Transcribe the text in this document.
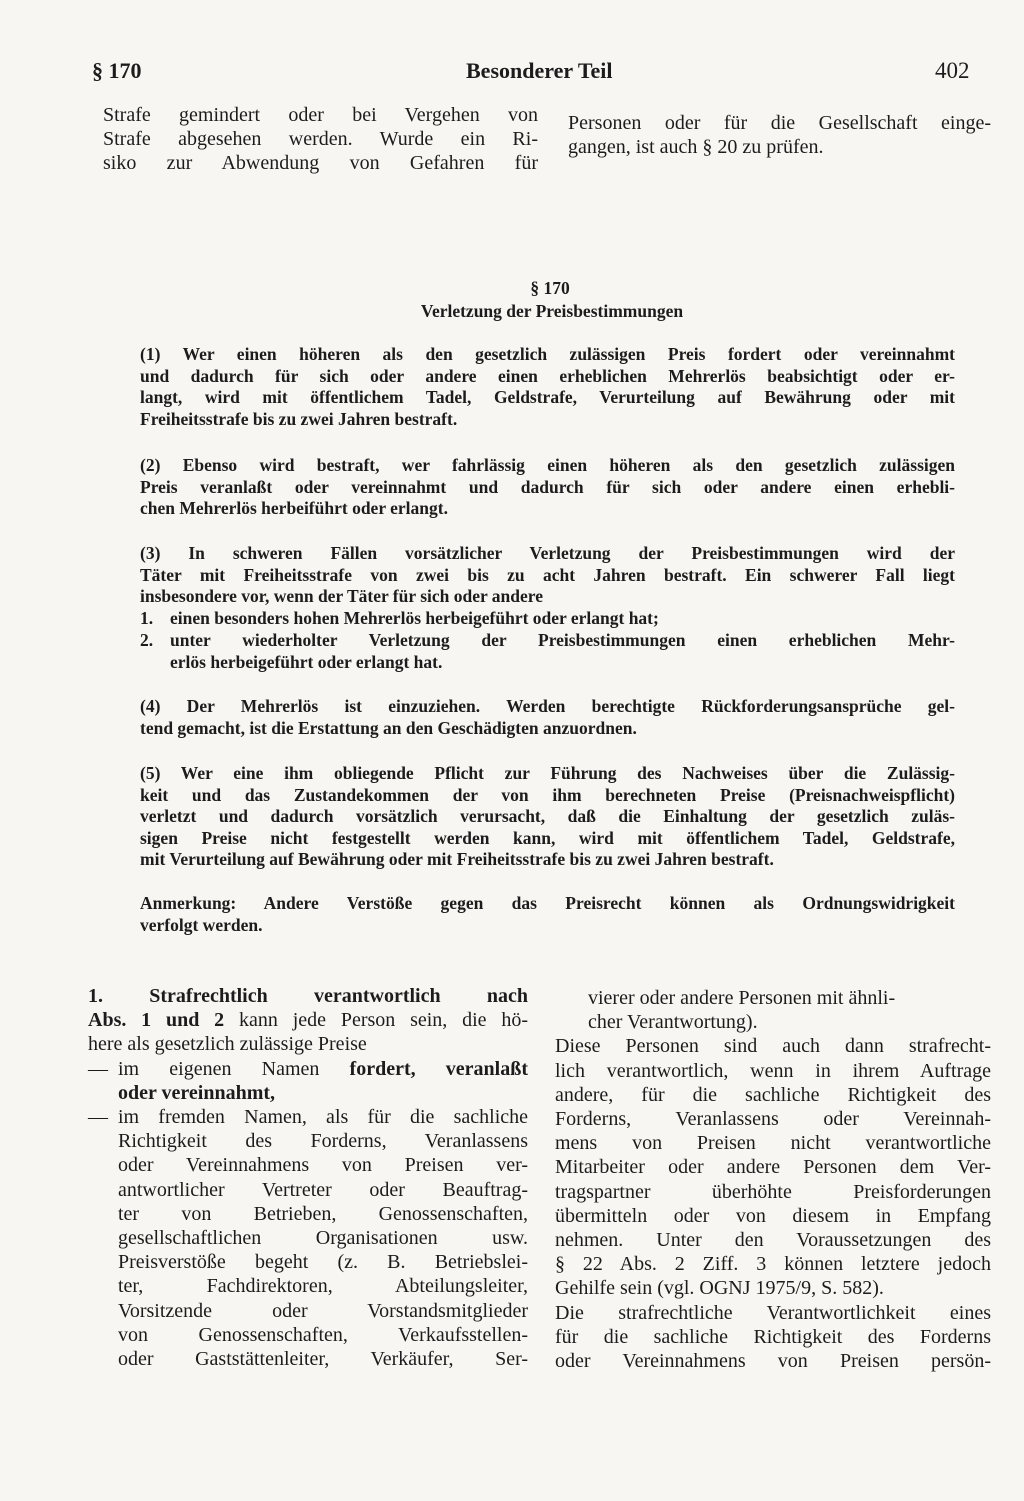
§ 170	Besonderer Teil	402
Strafe gemindert oder bei Vergehen von
Strafe abgesehen werden. Wurde ein Ri-
siko zur Abwendung von Gefahren für
Personen oder für die Gesellschaft einge-
gangen, ist auch § 20 zu prüfen.
§ 170
Verletzung der Preisbestimmungen
(1) Wer einen höheren als den gesetzlich zulässigen Preis fordert oder vereinnahmt
und dadurch für sich oder andere einen erheblichen Mehrerlös beabsichtigt oder er-
langt, wird mit öffentlichem Tadel, Geldstrafe, Verurteilung auf Bewährung oder mit
Freiheitsstrafe bis zu zwei Jahren bestraft.
(2) Ebenso wird bestraft, wer fahrlässig einen höheren als den gesetzlich zulässigen
Preis veranlaßt oder vereinnahmt und dadurch für sich oder andere einen erhebli-
chen Mehrerlös herbeiführt oder erlangt.
(3) In schweren Fällen vorsätzlicher Verletzung der Preisbestimmungen wird der
Täter mit Freiheitsstrafe von zwei bis zu acht Jahren bestraft. Ein schwerer Fall liegt
insbesondere vor, wenn der Täter für sich oder andere
1. einen besonders hohen Mehrerlös herbeigeführt oder erlangt hat;
2. unter wiederholter Verletzung der Preisbestimmungen einen erheblichen Mehr-
erlös herbeigeführt oder erlangt hat.
(4) Der Mehrerlös ist einzuziehen. Werden berechtigte Rückforderungsansprüche gel-
tend gemacht, ist die Erstattung an den Geschädigten anzuordnen.
(5) Wer eine ihm obliegende Pflicht zur Führung des Nachweises über die Zulässig-
keit und das Zustandekommen der von ihm berechneten Preise (Preisnachweispflicht)
verletzt und dadurch vorsätzlich verursacht, daß die Einhaltung der gesetzlich zuläs-
sigen Preise nicht festgestellt werden kann, wird mit öffentlichem Tadel, Geldstrafe,
mit Verurteilung auf Bewährung oder mit Freiheitsstrafe bis zu zwei Jahren bestraft.
Anmerkung: Andere Verstöße gegen das Preisrecht können als Ordnungswidrigkeit
verfolgt werden.
1. Strafrechtlich verantwortlich nach
Abs. 1 und 2 kann jede Person sein, die hö-
here als gesetzlich zulässige Preise
— im eigenen Namen fordert, veranlaßt
oder vereinnahmt,
— im fremden Namen, als für die sachliche
Richtigkeit des Forderns, Veranlassens
oder Vereinnahmens von Preisen ver-
antwortlicher Vertreter oder Beauftrag-
ter von Betrieben, Genossenschaften,
gesellschaftlichen Organisationen usw.
Preisverstöße begeht (z. B. Betriebslei-
ter, Fachdirektoren, Abteilungsleiter,
Vorsitzende oder Vorstandsmitglieder
von Genossenschaften, Verkaufsstellen-
oder Gaststättenleiter, Verkäufer, Ser-
vierer oder andere Personen mit ähnli-
cher Verantwortung).
Diese Personen sind auch dann strafrecht-
lich verantwortlich, wenn in ihrem Auftrage
andere, für die sachliche Richtigkeit des
Forderns, Veranlassens oder Vereinnah-
mens von Preisen nicht verantwortliche
Mitarbeiter oder andere Personen dem Ver-
tragspartner überhöhte Preisforderungen
übermitteln oder von diesem in Empfang
nehmen. Unter den Voraussetzungen des
§ 22 Abs. 2 Ziff. 3 können letztere jedoch
Gehilfe sein (vgl. OGNJ 1975/9, S. 582).
Die strafrechtliche Verantwortlichkeit eines
für die sachliche Richtigkeit des Forderns
oder Vereinnahmens von Preisen persön-
